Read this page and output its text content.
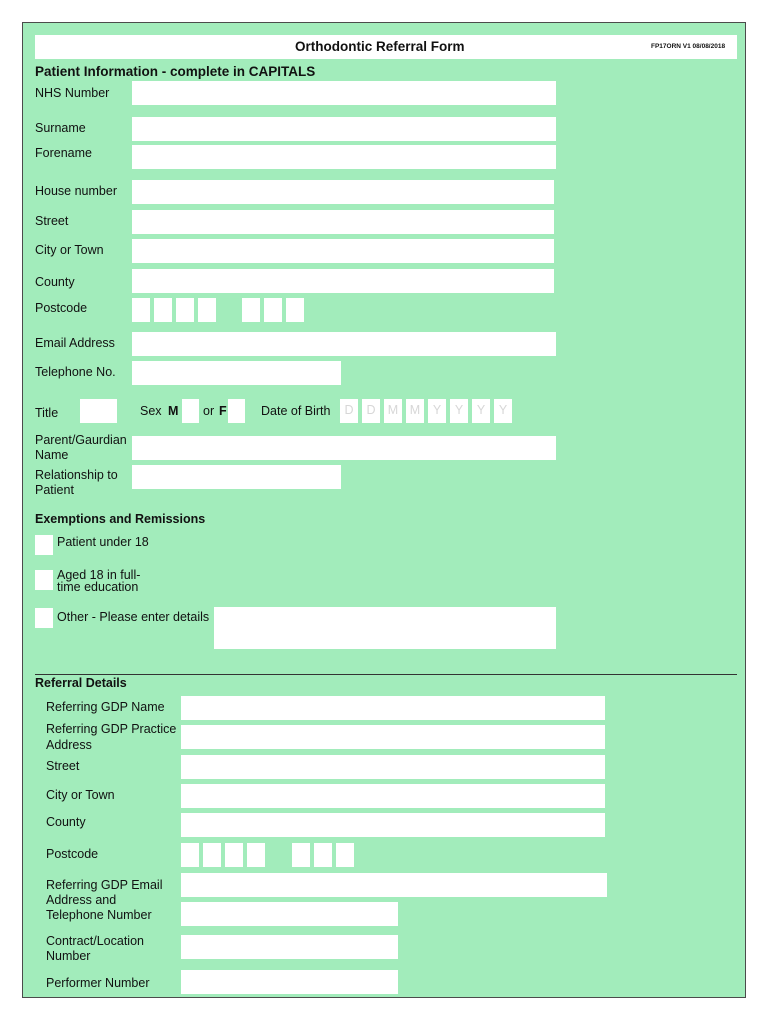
Orthodontic Referral Form	FP17ORN V1 08/08/2018
Patient Information - complete in CAPITALS
NHS Number
Surname
Forename
House number
Street
City or Town
County
Postcode
Email Address
Telephone No.
Title	Sex M or F	Date of Birth	D	D M M	Y	Y	Y	Y
Parent/Gaurdian
Name
Relationship to
Patient
Exemptions and Remissions
Patient under 18
Aged 18 in full-
time education
Other - Please enter details
Referral Details
Referring GDP Name
Referring GDP Practice
Address
Street
City or Town
County
Postcode
Referring GDP Email
Address and
Telephone Number
Contract/Location
Number
Performer Number
